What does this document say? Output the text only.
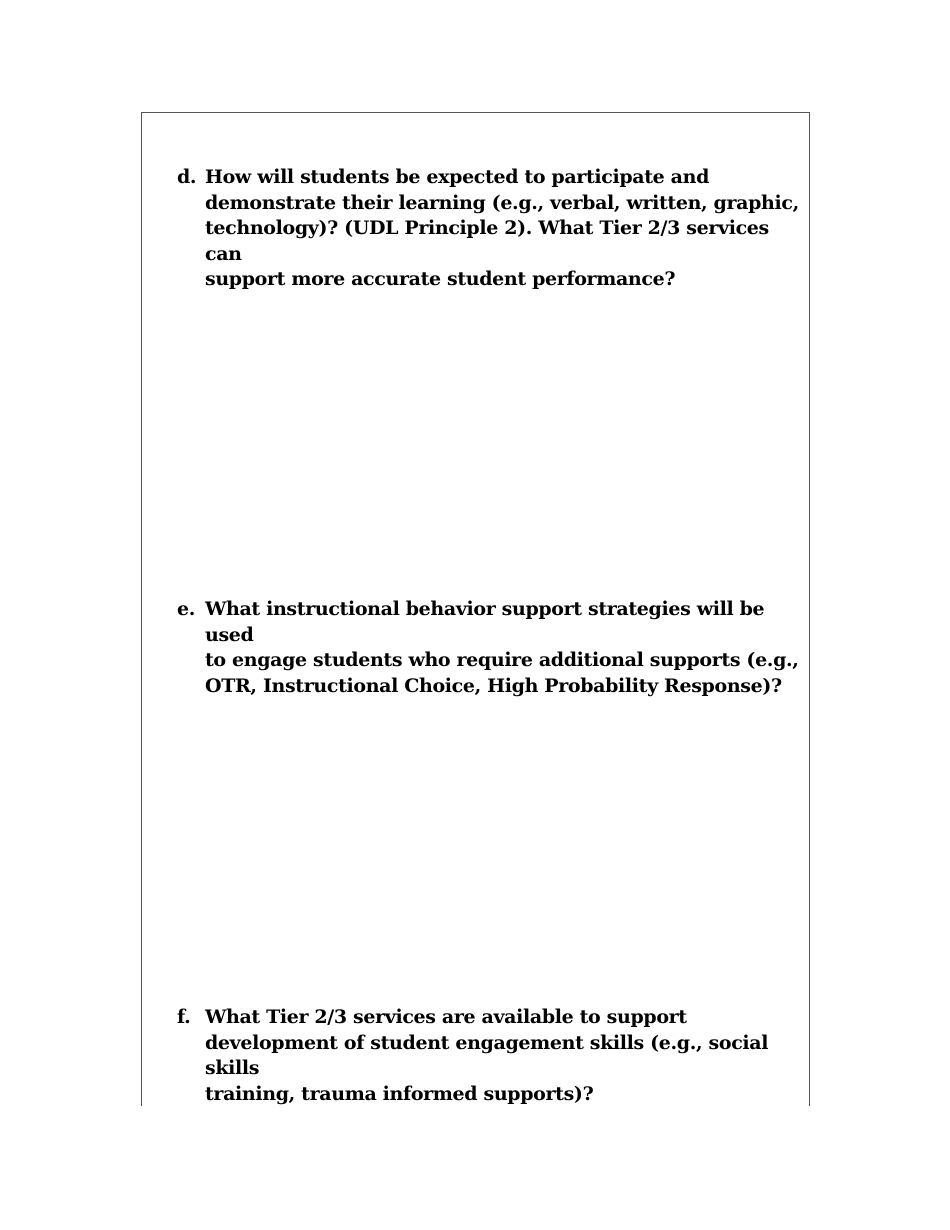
d. How will students be expected to participate and
demonstrate their learning (e.g., verbal, written, graphic,
technology)? (UDL Principle 2). What Tier 2/3 services can
support more accurate student performance?
e. What instructional behavior support strategies will be used
to engage students who require additional supports (e.g.,
OTR, Instructional Choice, High Probability Response)?
f. What Tier 2/3 services are available to support
development of student engagement skills (e.g., social skills
training, trauma informed supports)?
